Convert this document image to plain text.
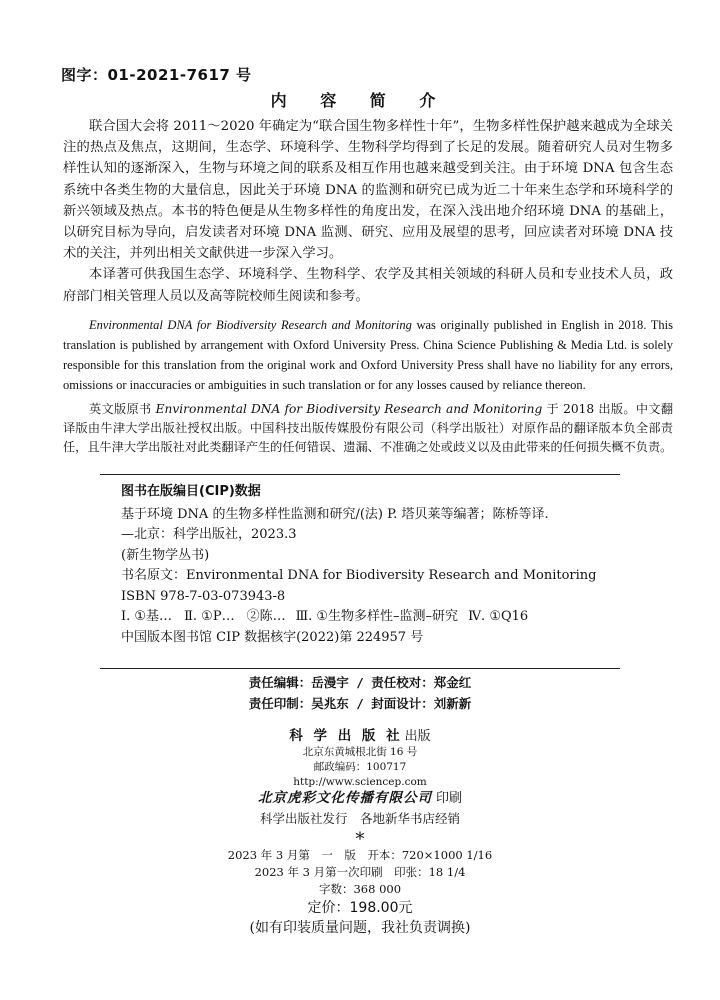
图字：01-2021-7617 号
内 容 简 介

联合国大会将 2011～2020 年确定为“联合国生物多样性十年”，生物多样性保护越来越成为全球关注的热点及焦点，这期间，生态学、环境科学、生物科学均得到了长足的发展。随着研究人员对生物多样性认知的逐渐深入，生物与环境之间的联系及相互作用也越来越受到关注。由于环境 DNA 包含生态系统中各类生物的大量信息，因此关于环境 DNA 的监测和研究已成为近二十年来生态学和环境科学的新兴领域及热点。本书的特色便是从生物多样性的角度出发，在深入浅出地介绍环境 DNA 的基础上，以研究目标为导向，启发读者对环境 DNA 监测、研究、应用及展望的思考，回应读者对环境 DNA 技术的关注，并列出相关文献供进一步深入学习。

本译著可供我国生态学、环境科学、生物科学、农学及其相关领域的科研人员和专业技术人员，政府部门相关管理人员以及高等院校师生阅读和参考。

Environmental DNA for Biodiversity Research and Monitoring was originally published in English in 2018. This translation is published by arrangement with Oxford University Press. China Science Publishing & Media Ltd. is solely responsible for this translation from the original work and Oxford University Press shall have no liability for any errors, omissions or inaccuracies or ambiguities in such translation or for any losses caused by reliance thereon.

英文版原书 Environmental DNA for Biodiversity Research and Monitoring 于 2018 出版。中文翻译版由牛津大学出版社授权出版。中国科技出版传媒股份有限公司（科学出版社）对原作品的翻译版本负全部责任，且牛津大学出版社对此类翻译产生的任何错误、遗漏、不准确之处或歧义以及由此带来的任何损失概不负责。

图书在版编目(CIP)数据
基于环境 DNA 的生物多样性监测和研究/(法) P. 塔贝莱等编著；陈桥等译.
—北京：科学出版社，2023.3
(新生物学丛书)
书名原文：Environmental DNA for Biodiversity Research and Monitoring
ISBN 978-7-03-073943-8
Ⅰ. ①基… Ⅱ. ①P… ②陈… Ⅲ. ①生物多样性–监测–研究 Ⅳ. ①Q16
中国版本图书馆 CIP 数据核字(2022)第 224957 号
责任编辑：岳漫宇 / 责任校对：郑金红
责任印制：吴兆东 / 封面设计：刘新新
科 学 出 版 社 出版
北京东黄城根北街 16 号
邮政编码：100717
http://www.sciencep.com
北京虎彩文化传播有限公司 印刷
科学出版社发行　各地新华书店经销
*
2023 年 3 月第　一　版　开本：720×1000 1/16
2023 年 3 月第一次印刷　印张：18 1/4
字数：368 000
定价：198.00元
(如有印装质量问题，我社负责调换)
